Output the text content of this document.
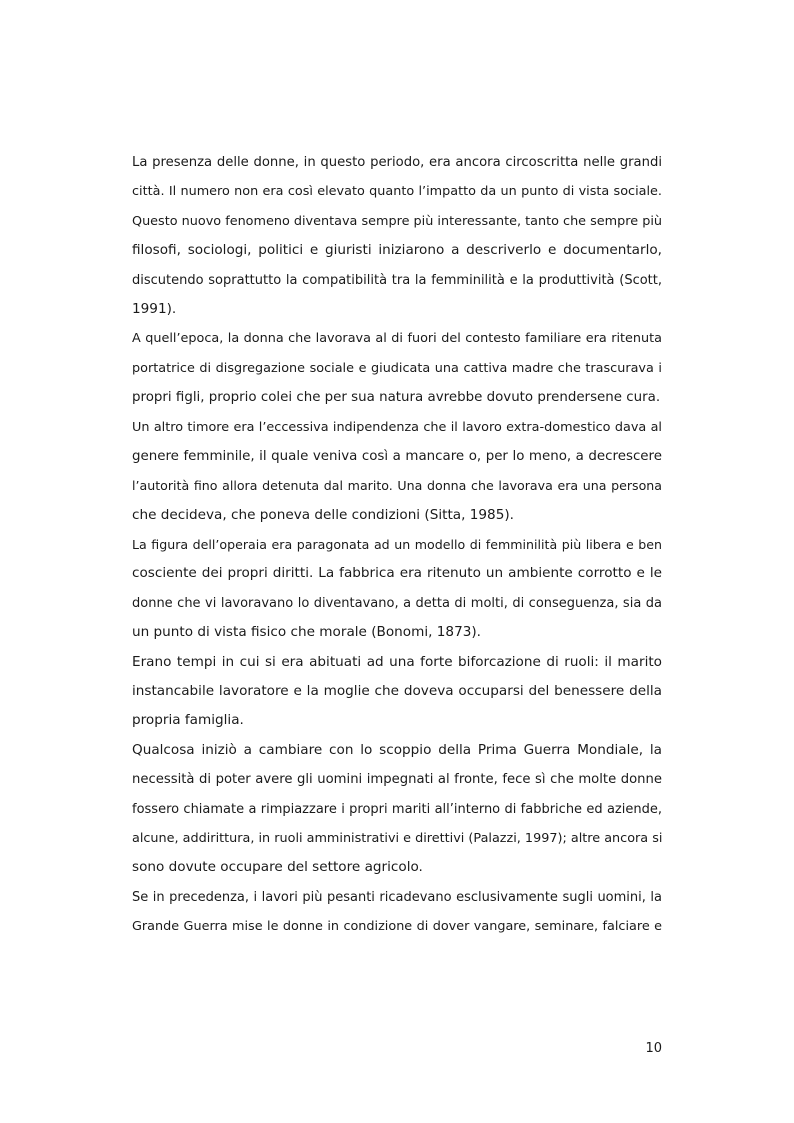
La presenza delle donne, in questo periodo, era ancora circoscritta nelle grandi
città. Il numero non era così elevato quanto l’impatto da un punto di vista sociale.
Questo nuovo fenomeno diventava sempre più interessante, tanto che sempre più
filosofi, sociologi, politici e giuristi iniziarono a descriverlo e documentarlo,
discutendo soprattutto la compatibilità tra la femminilità e la produttività (Scott,
1991).
A quell’epoca, la donna che lavorava al di fuori del contesto familiare era ritenuta
portatrice di disgregazione sociale e giudicata una cattiva madre che trascurava i
propri figli, proprio colei che per sua natura avrebbe dovuto prendersene cura.
Un altro timore era l’eccessiva indipendenza che il lavoro extra-domestico dava al
genere femminile, il quale veniva così a mancare o, per lo meno, a decrescere
l’autorità fino allora detenuta dal marito. Una donna che lavorava era una persona
che decideva, che poneva delle condizioni (Sitta, 1985).
La figura dell’operaia era paragonata ad un modello di femminilità più libera e ben
cosciente dei propri diritti. La fabbrica era ritenuto un ambiente corrotto e le
donne che vi lavoravano lo diventavano, a detta di molti, di conseguenza, sia da
un punto di vista fisico che morale (Bonomi, 1873).
Erano tempi in cui si era abituati ad una forte biforcazione di ruoli: il marito
instancabile lavoratore e la moglie che doveva occuparsi del benessere della
propria famiglia.
Qualcosa iniziò a cambiare con lo scoppio della Prima Guerra Mondiale, la
necessità di poter avere gli uomini impegnati al fronte, fece sì che molte donne
fossero chiamate a rimpiazzare i propri mariti all’interno di fabbriche ed aziende,
alcune, addirittura, in ruoli amministrativi e direttivi (Palazzi, 1997); altre ancora si
sono dovute occupare del settore agricolo.
Se in precedenza, i lavori più pesanti ricadevano esclusivamente sugli uomini, la
Grande Guerra mise le donne in condizione di dover vangare, seminare, falciare e
10
